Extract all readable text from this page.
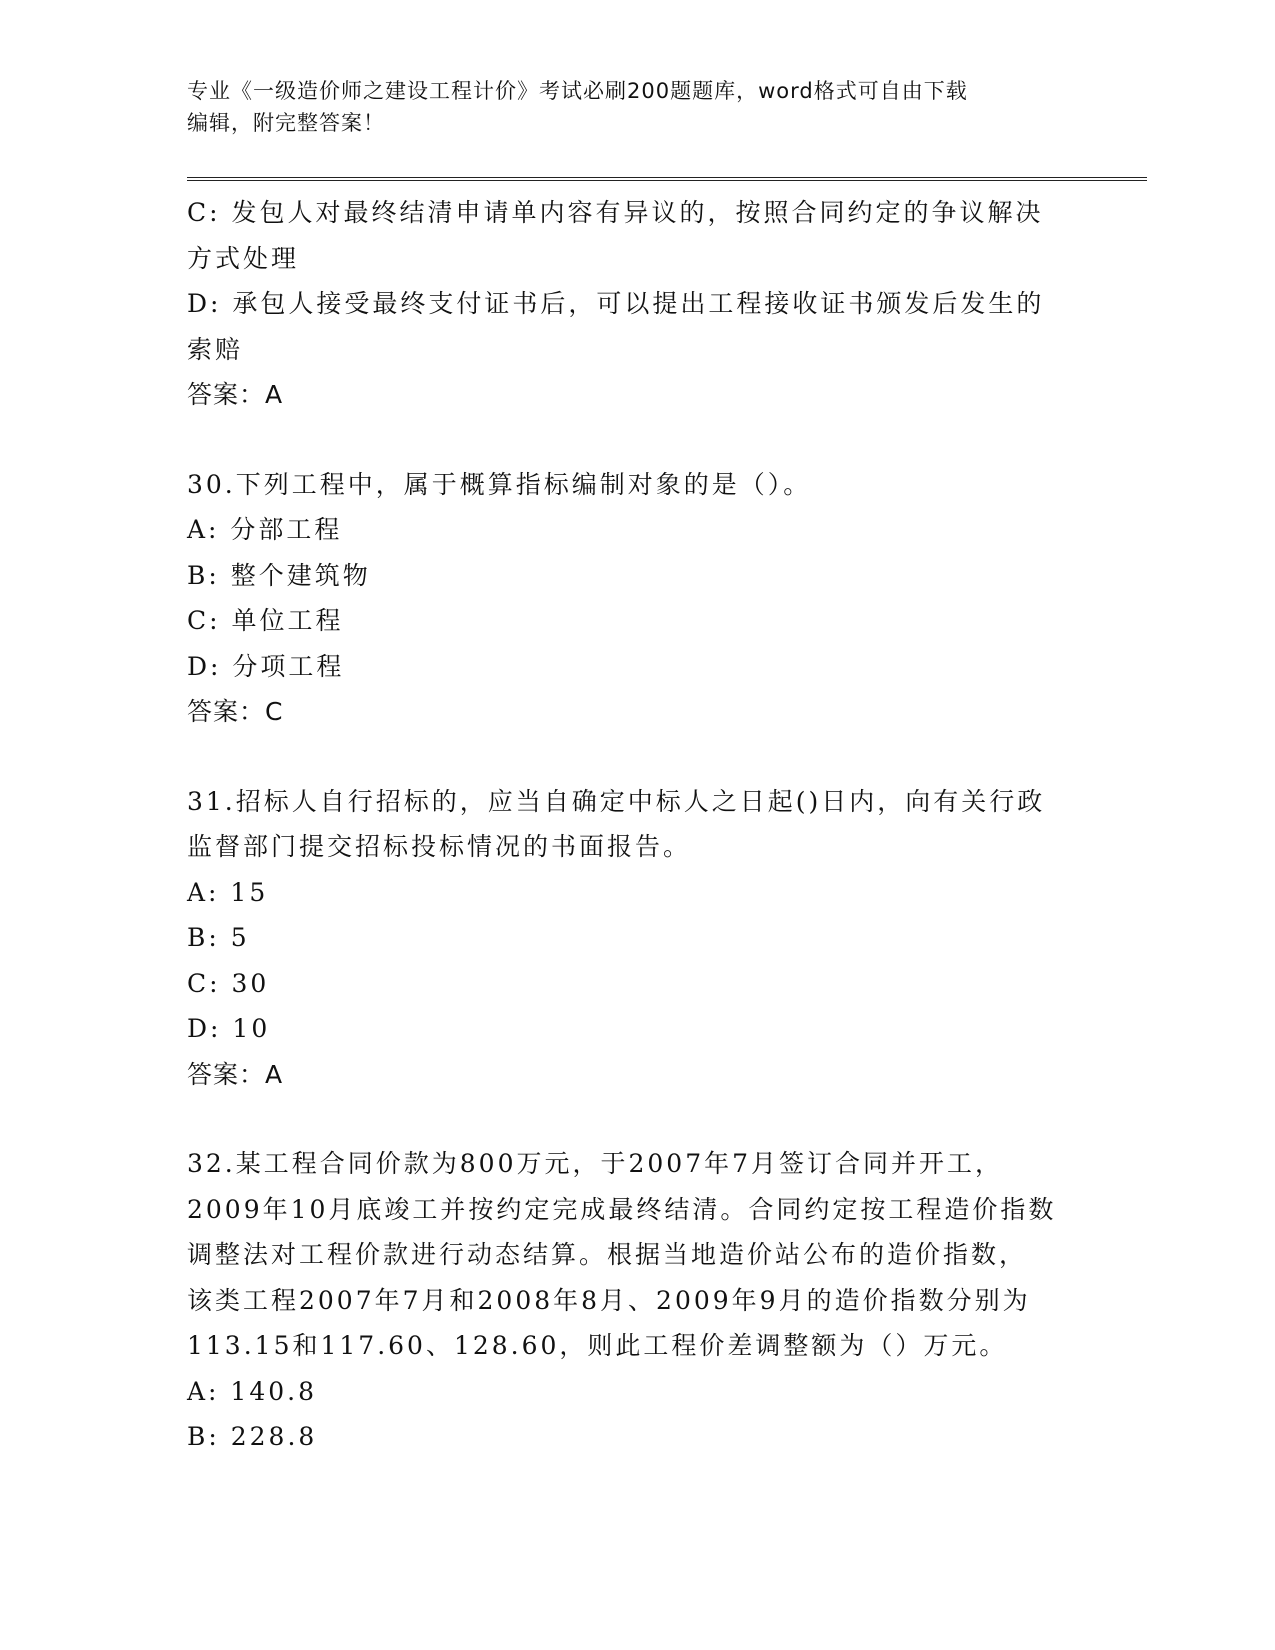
专业《一级造价师之建设工程计价》考试必刷200题题库，word格式可自由下载
编辑，附完整答案！
C: 发包人对最终结清申请单内容有异议的，按照合同约定的争议解决
方式处理
D: 承包人接受最终支付证书后，可以提出工程接收证书颁发后发生的
索赔
答案：A
30.下列工程中，属于概算指标编制对象的是（）。
A: 分部工程
B: 整个建筑物
C: 单位工程
D: 分项工程
答案：C
31.招标人自行招标的，应当自确定中标人之日起()日内，向有关行政
监督部门提交招标投标情况的书面报告。
A: 15
B: 5
C: 30
D: 10
答案：A
32.某工程合同价款为800万元，于2007年7月签订合同并开工，
2009年10月底竣工并按约定完成最终结清。合同约定按工程造价指数
调整法对工程价款进行动态结算。根据当地造价站公布的造价指数，
该类工程2007年7月和2008年8月、2009年9月的造价指数分别为
113.15和117.60、128.60，则此工程价差调整额为（）万元。
A: 140.8
B: 228.8
